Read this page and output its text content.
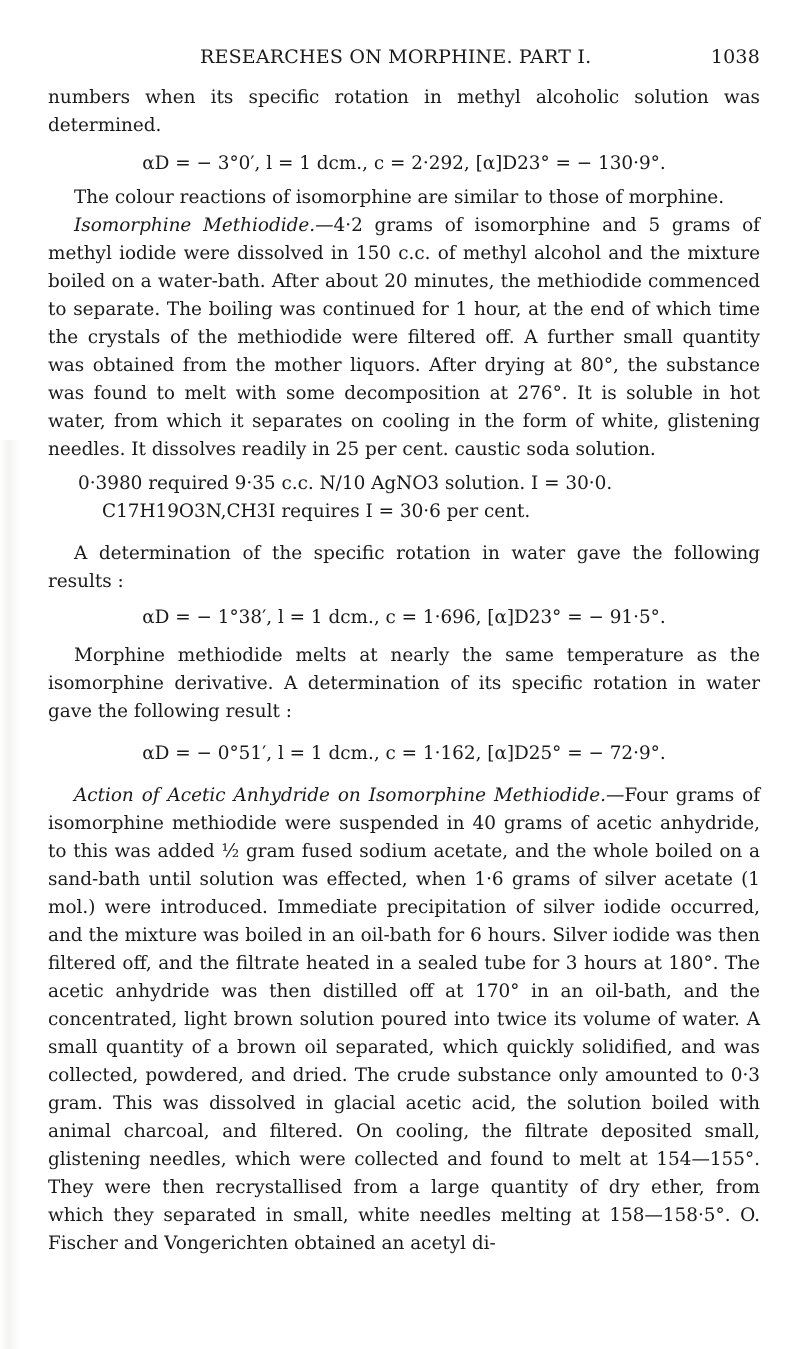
RESEARCHES ON MORPHINE. PART I.	1038

numbers when its specific rotation in methyl alcoholic solution was determined.

αD = − 3°0′, l = 1 dcm., c = 2·292, [α]D23° = − 130·9°.

The colour reactions of isomorphine are similar to those of morphine.

Isomorphine Methiodide.—4·2 grams of isomorphine and 5 grams of methyl iodide were dissolved in 150 c.c. of methyl alcohol and the mixture boiled on a water-bath. After about 20 minutes, the methiodide commenced to separate. The boiling was continued for 1 hour, at the end of which time the crystals of the methiodide were filtered off. A further small quantity was obtained from the mother liquors. After drying at 80°, the substance was found to melt with some decomposition at 276°. It is soluble in hot water, from which it separates on cooling in the form of white, glistening needles. It dissolves readily in 25 per cent. caustic soda solution.

0·3980 required 9·35 c.c. N/10 AgNO3 solution. I = 30·0.

C17H19O3N,CH3I requires I = 30·6 per cent.

A determination of the specific rotation in water gave the following results :

αD = − 1°38′, l = 1 dcm., c = 1·696, [α]D23° = − 91·5°.

Morphine methiodide melts at nearly the same temperature as the isomorphine derivative. A determination of its specific rotation in water gave the following result :

αD = − 0°51′, l = 1 dcm., c = 1·162, [α]D25° = − 72·9°.

Action of Acetic Anhydride on Isomorphine Methiodide.—Four grams of isomorphine methiodide were suspended in 40 grams of acetic anhydride, to this was added ½ gram fused sodium acetate, and the whole boiled on a sand-bath until solution was effected, when 1·6 grams of silver acetate (1 mol.) were introduced. Immediate precipitation of silver iodide occurred, and the mixture was boiled in an oil-bath for 6 hours. Silver iodide was then filtered off, and the filtrate heated in a sealed tube for 3 hours at 180°. The acetic anhydride was then distilled off at 170° in an oil-bath, and the concentrated, light brown solution poured into twice its volume of water. A small quantity of a brown oil separated, which quickly solidified, and was collected, powdered, and dried. The crude substance only amounted to 0·3 gram. This was dissolved in glacial acetic acid, the solution boiled with animal charcoal, and filtered. On cooling, the filtrate deposited small, glistening needles, which were collected and found to melt at 154—155°. They were then recrystallised from a large quantity of dry ether, from which they separated in small, white needles melting at 158—158·5°. O. Fischer and Vongerichten obtained an acetyl di-
